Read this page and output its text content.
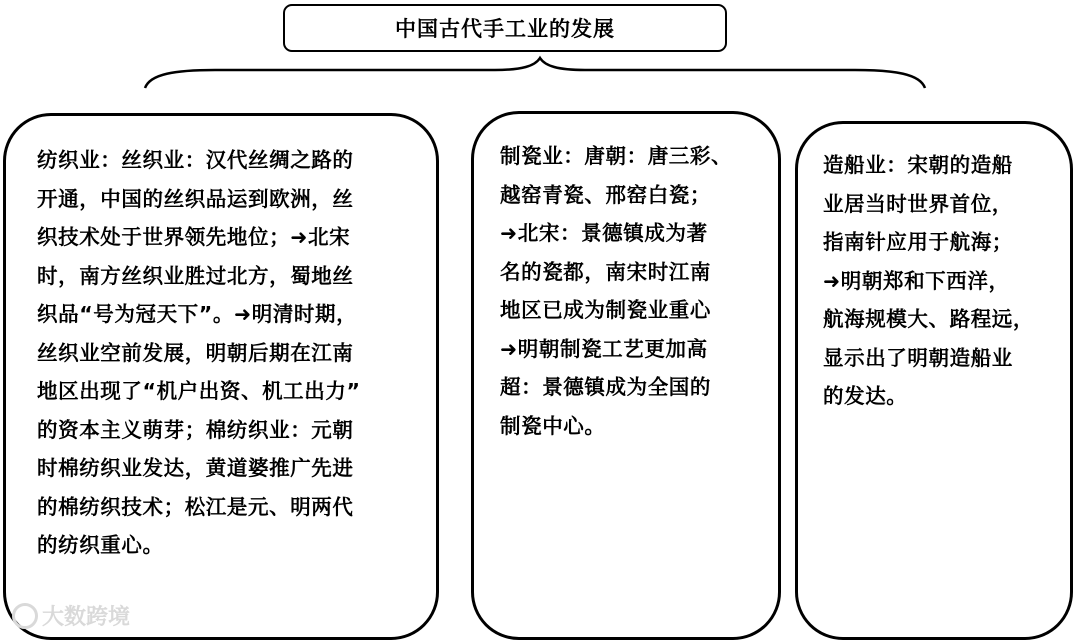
中国古代手工业的发展
纺织业：丝织业：汉代丝绸之路的
开通，中国的丝织品运到欧洲，丝
织技术处于世界领先地位；➜北宋
时，南方丝织业胜过北方，蜀地丝
织品“号为冠天下”。➜明清时期，
丝织业空前发展，明朝后期在江南
地区出现了“机户出资、机工出力”
的资本主义萌芽；棉纺织业：元朝
时棉纺织业发达，黄道婆推广先进
的棉纺织技术；松江是元、明两代
的纺织重心。
制瓷业：唐朝：唐三彩、
越窑青瓷、邢窑白瓷；
➜北宋：景德镇成为著
名的瓷都，南宋时江南
地区已成为制瓷业重心
➜明朝制瓷工艺更加高
超：景德镇成为全国的
制瓷中心。
造船业：宋朝的造船
业居当时世界首位，
指南针应用于航海；
➜明朝郑和下西洋，
航海规模大、路程远，
显示出了明朝造船业
的发达。
大数跨境
